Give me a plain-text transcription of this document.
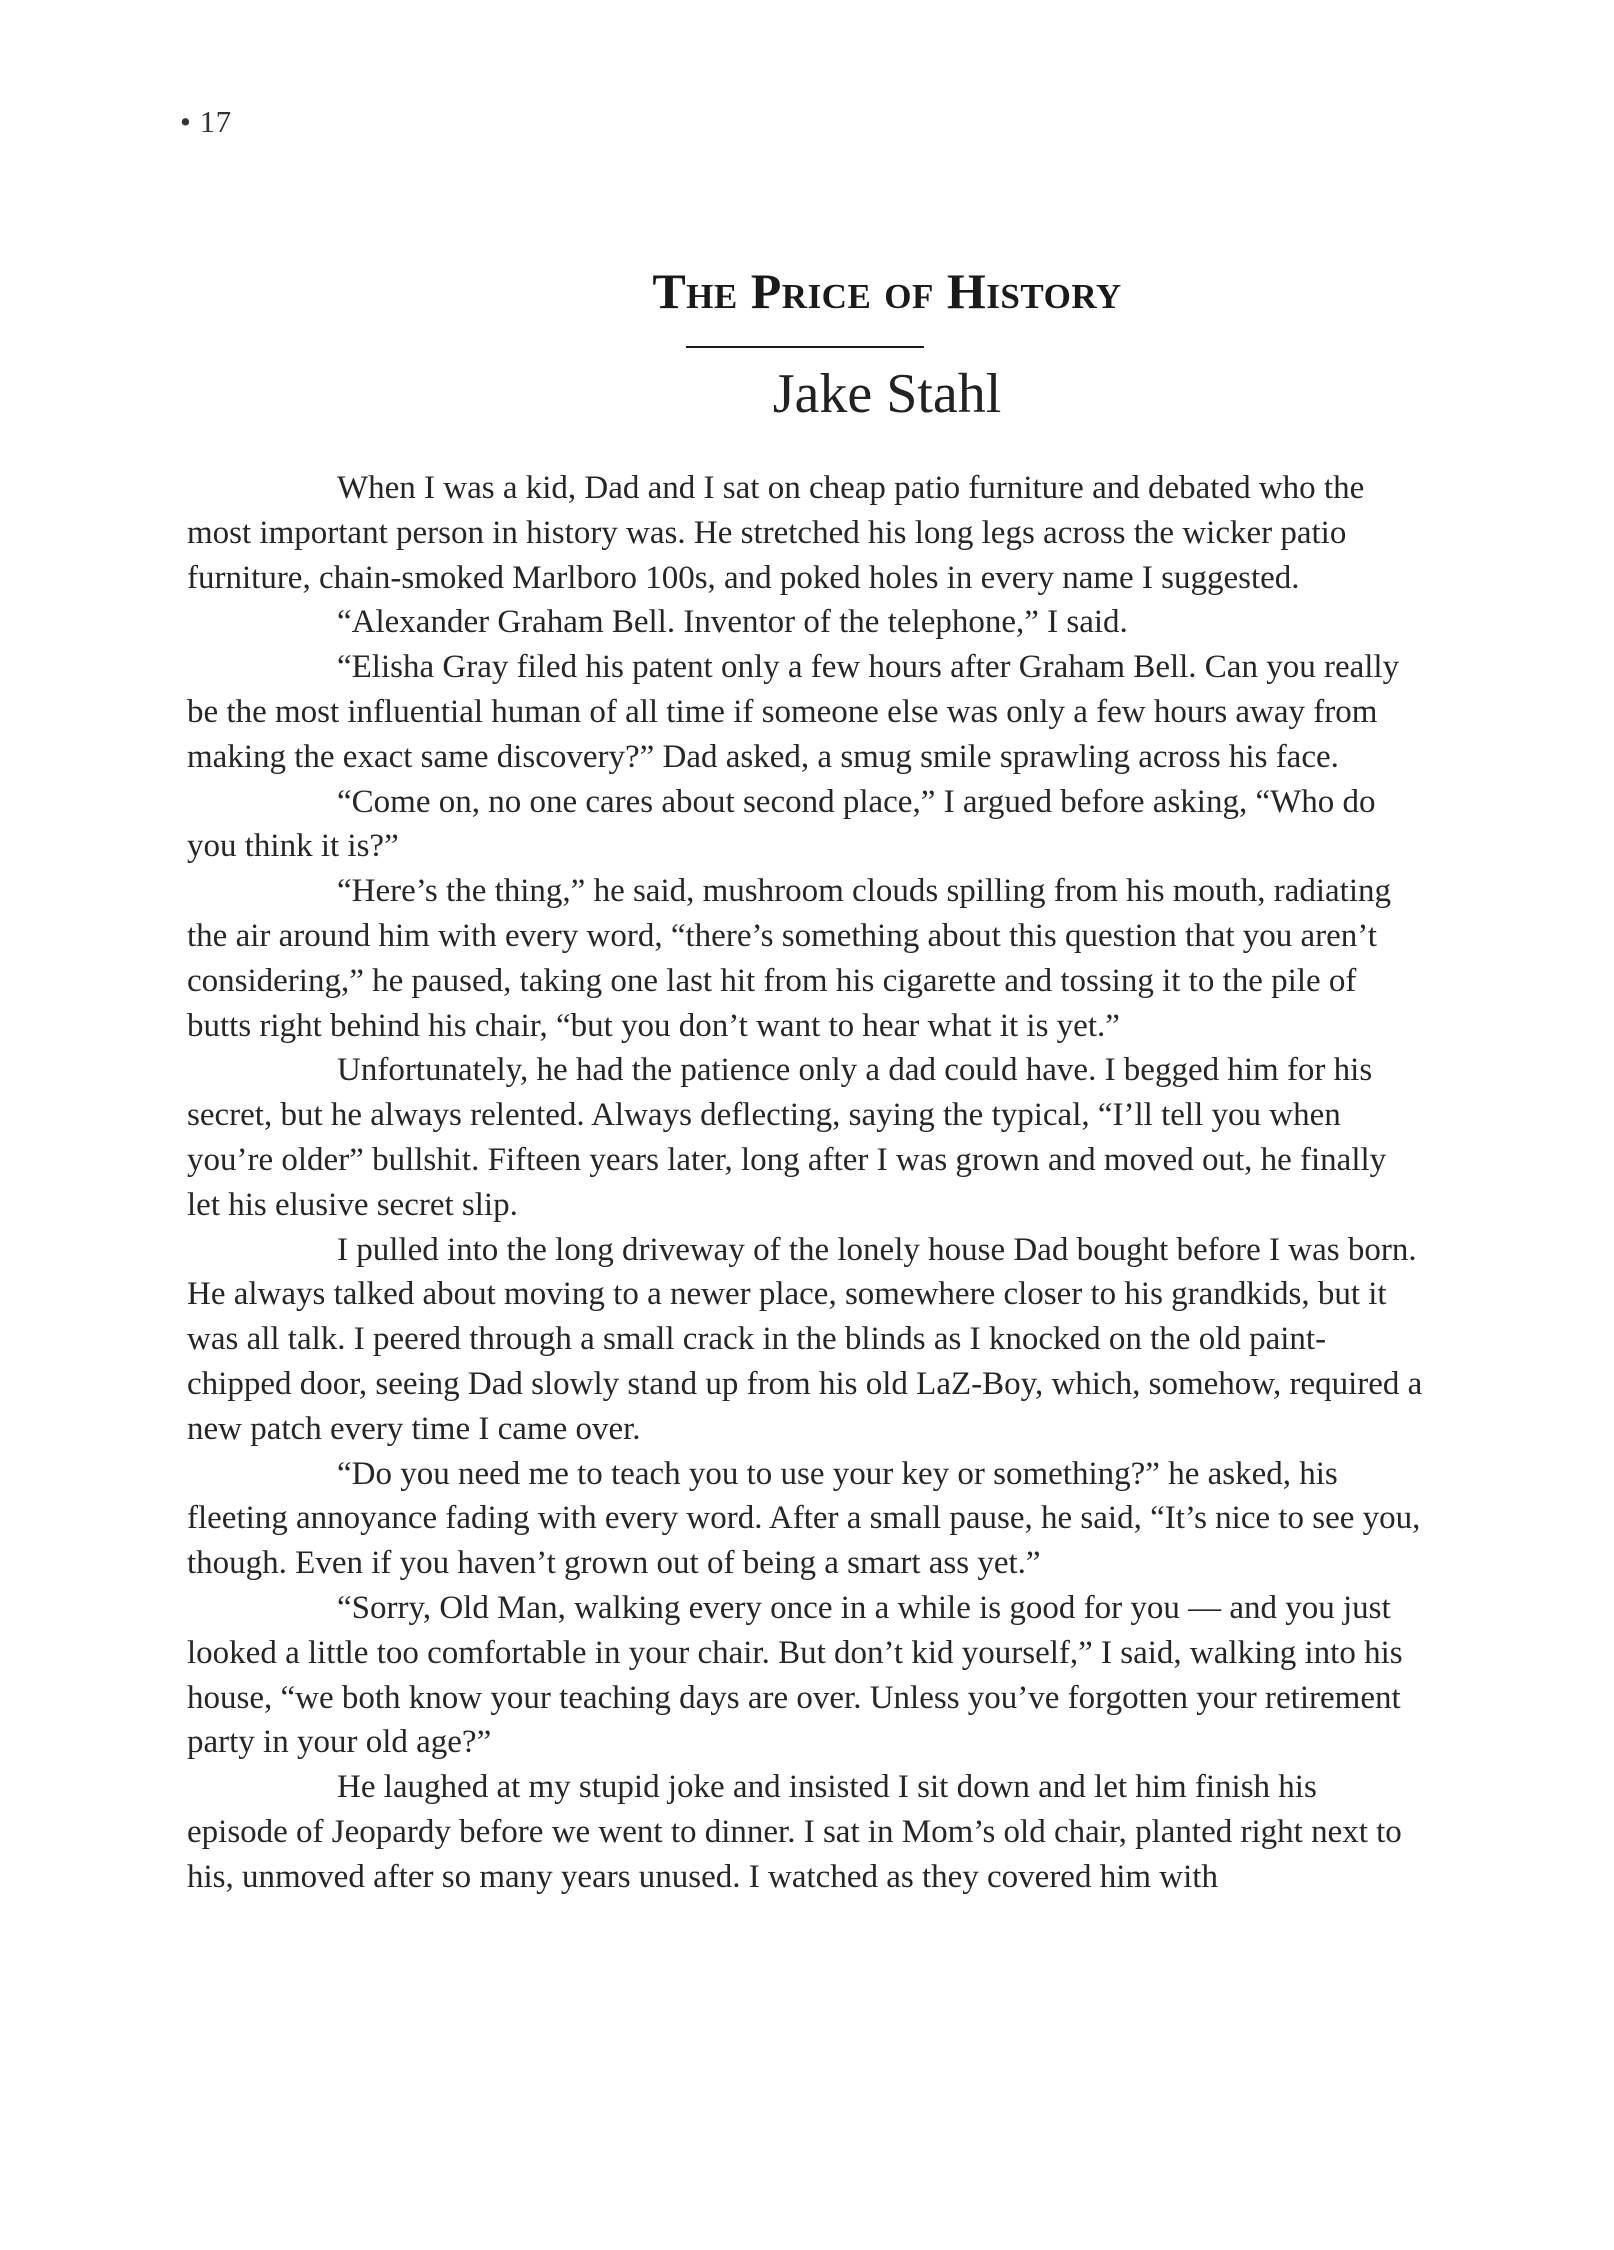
• 17
The Price of History
Jake Stahl

When I was a kid, Dad and I sat on cheap patio furniture and debated who the most important person in history was. He stretched his long legs across the wicker patio furniture, chain-smoked Marlboro 100s, and poked holes in every name I suggested.

“Alexander Graham Bell. Inventor of the telephone,” I said.

“Elisha Gray filed his patent only a few hours after Graham Bell. Can you really be the most influential human of all time if someone else was only a few hours away from making the exact same discovery?” Dad asked, a smug smile sprawling across his face.

“Come on, no one cares about second place,” I argued before asking, “Who do you think it is?”

“Here’s the thing,” he said, mushroom clouds spilling from his mouth, radiating the air around him with every word, “there’s something about this question that you aren’t considering,” he paused, taking one last hit from his cigarette and tossing it to the pile of butts right behind his chair, “but you don’t want to hear what it is yet.”

Unfortunately, he had the patience only a dad could have. I begged him for his secret, but he always relented. Always deflecting, saying the typical, “I’ll tell you when you’re older” bullshit. Fifteen years later, long after I was grown and moved out, he finally let his elusive secret slip.

I pulled into the long driveway of the lonely house Dad bought before I was born. He always talked about moving to a newer place, somewhere closer to his grandkids, but it was all talk. I peered through a small crack in the blinds as I knocked on the old paint-chipped door, seeing Dad slowly stand up from his old LaZ-Boy, which, somehow, required a new patch every time I came over.

“Do you need me to teach you to use your key or something?” he asked, his fleeting annoyance fading with every word. After a small pause, he said, “It’s nice to see you, though. Even if you haven’t grown out of being a smart ass yet.”

“Sorry, Old Man, walking every once in a while is good for you — and you just looked a little too comfortable in your chair. But don’t kid yourself,” I said, walking into his house, “we both know your teaching days are over. Unless you’ve forgotten your retirement party in your old age?”

He laughed at my stupid joke and insisted I sit down and let him finish his episode of Jeopardy before we went to dinner. I sat in Mom’s old chair, planted right next to his, unmoved after so many years unused. I watched as they covered him with
